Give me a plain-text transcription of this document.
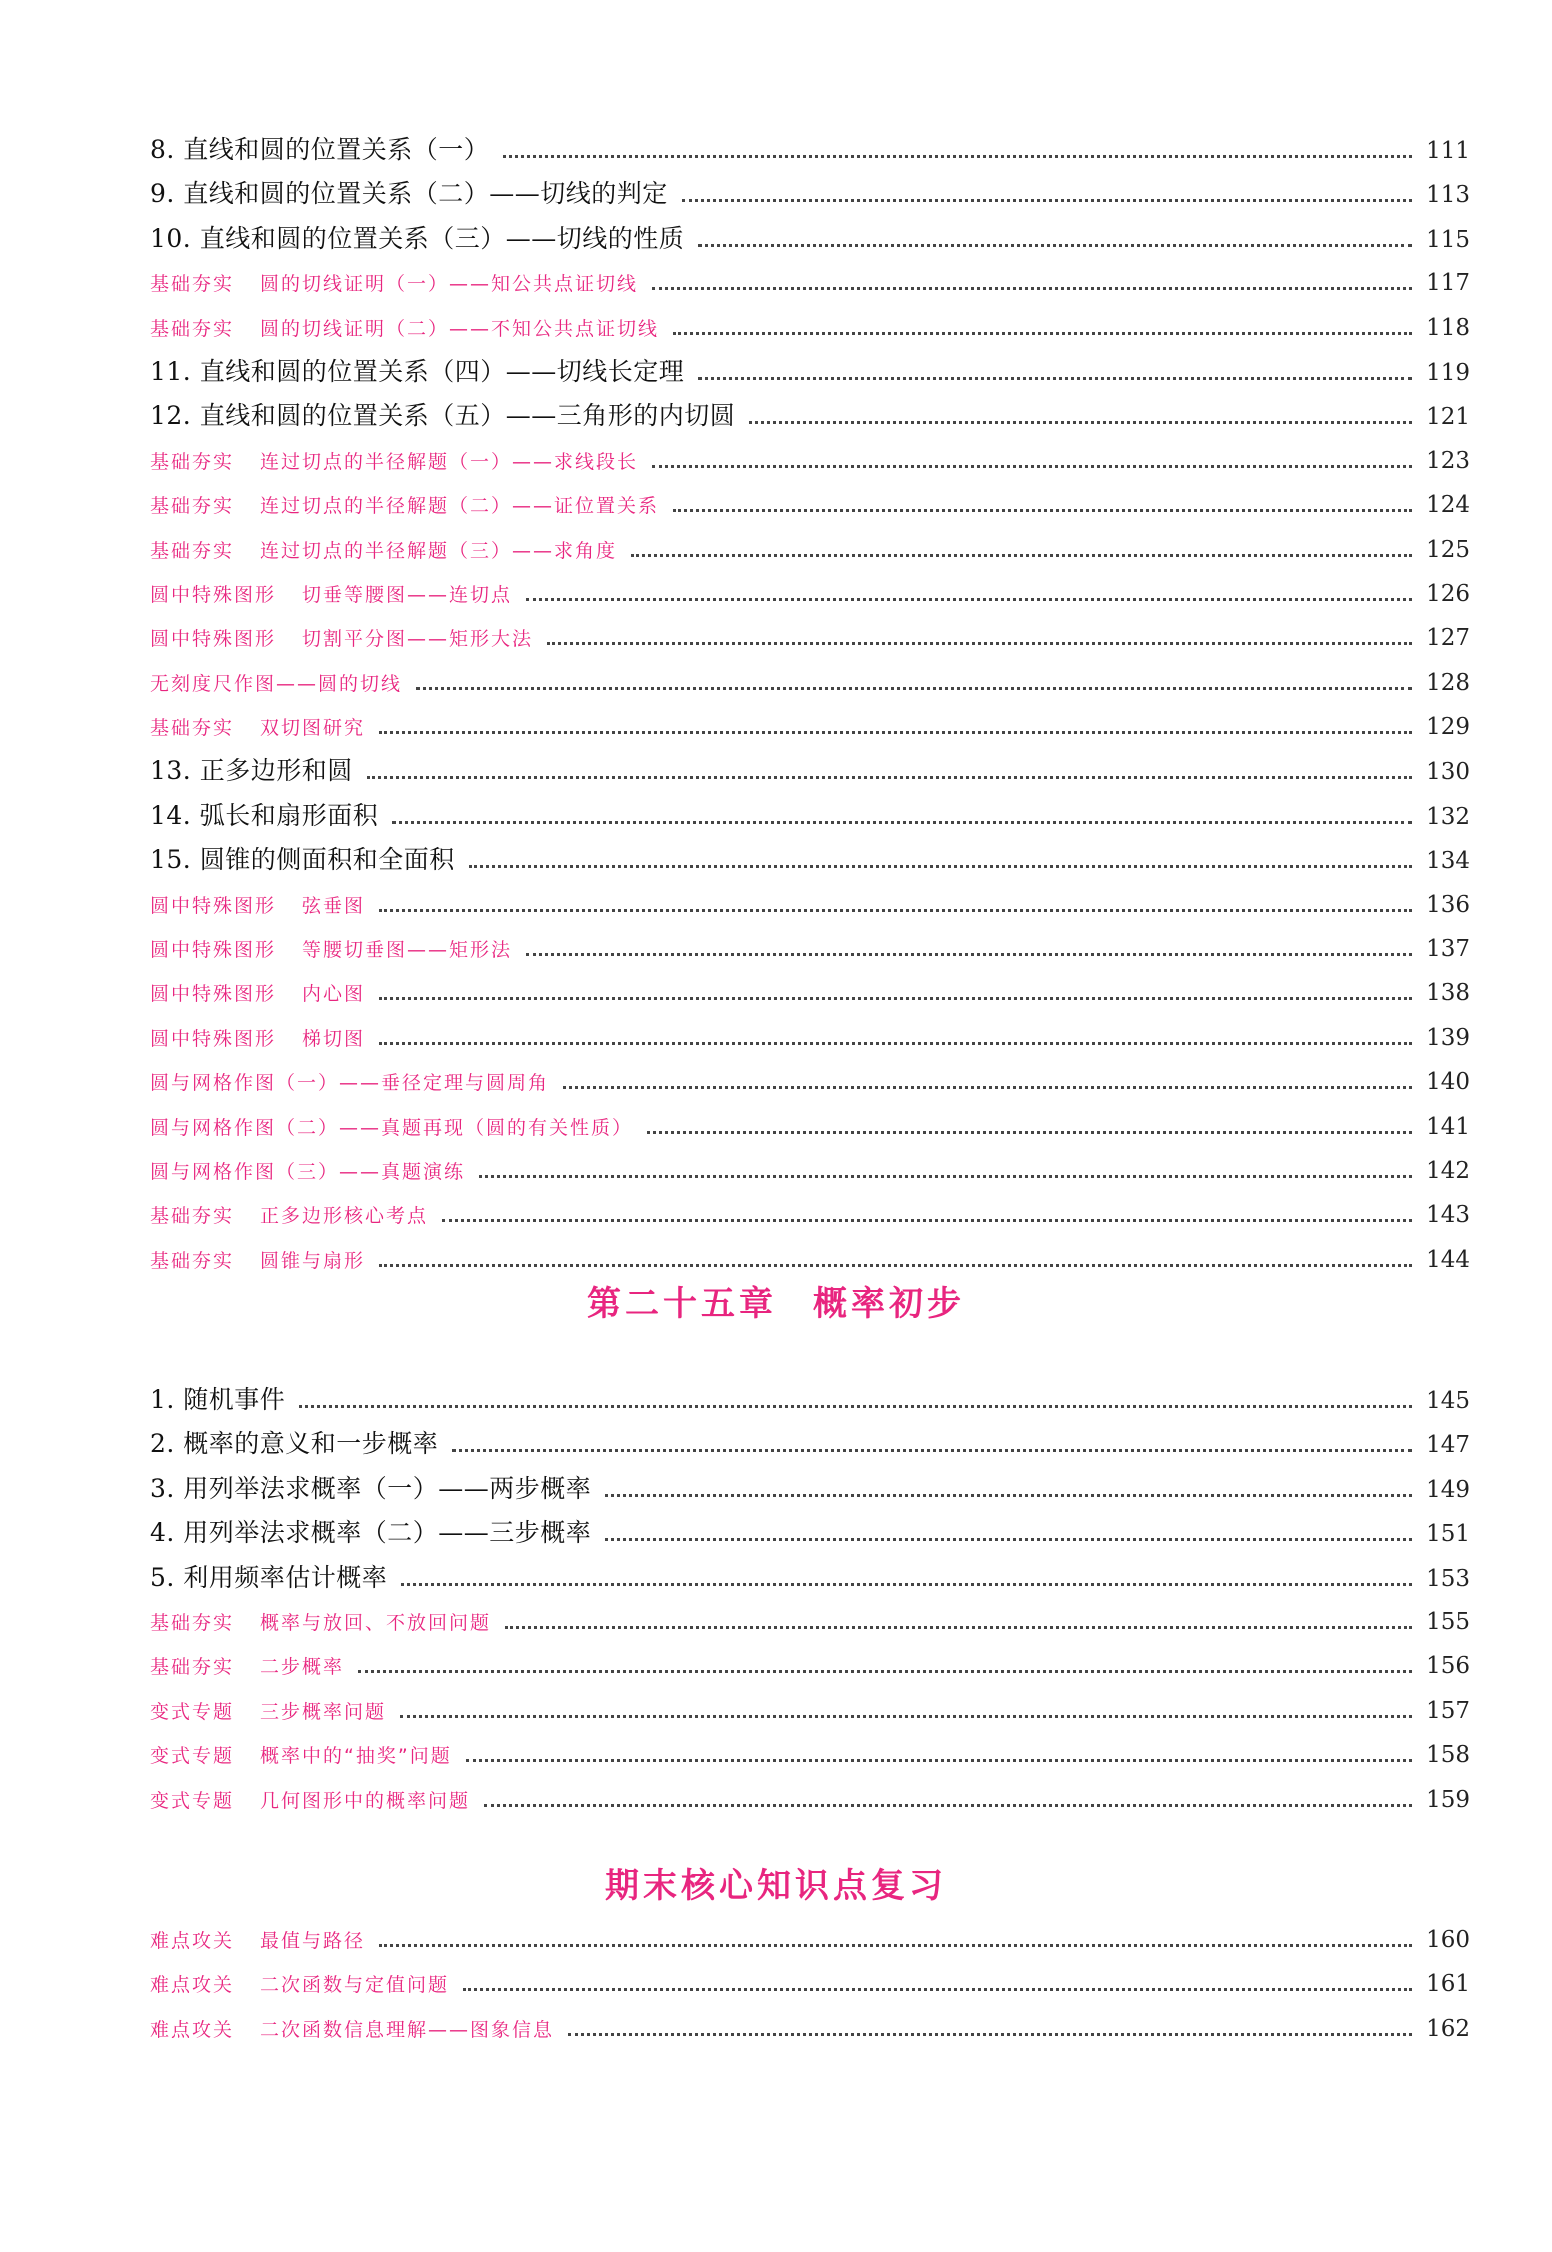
8. 直线和圆的位置关系（一）	111
9. 直线和圆的位置关系（二）——切线的判定	113
10. 直线和圆的位置关系（三）——切线的性质	115
基础夯实 圆的切线证明（一）——知公共点证切线	117
基础夯实 圆的切线证明（二）——不知公共点证切线	118
11. 直线和圆的位置关系（四）——切线长定理	119
12. 直线和圆的位置关系（五）——三角形的内切圆	121
基础夯实 连过切点的半径解题（一）——求线段长	123
基础夯实 连过切点的半径解题（二）——证位置关系	124
基础夯实 连过切点的半径解题（三）——求角度	125
圆中特殊图形 切垂等腰图——连切点	126
圆中特殊图形 切割平分图——矩形大法	127
无刻度尺作图——圆的切线	128
基础夯实 双切图研究	129
13. 正多边形和圆	130
14. 弧长和扇形面积	132
15. 圆锥的侧面积和全面积	134
圆中特殊图形 弦垂图	136
圆中特殊图形 等腰切垂图——矩形法	137
圆中特殊图形 内心图	138
圆中特殊图形 梯切图	139
圆与网格作图（一）——垂径定理与圆周角	140
圆与网格作图（二）——真题再现（圆的有关性质）	141
圆与网格作图（三）——真题演练	142
基础夯实 正多边形核心考点	143
基础夯实 圆锥与扇形	144
第二十五章 概率初步
1. 随机事件	145
2. 概率的意义和一步概率	147
3. 用列举法求概率（一）——两步概率	149
4. 用列举法求概率（二）——三步概率	151
5. 利用频率估计概率	153
基础夯实 概率与放回、不放回问题	155
基础夯实 二步概率	156
变式专题 三步概率问题	157
变式专题 概率中的“抽奖”问题	158
变式专题 几何图形中的概率问题	159
期末核心知识点复习
难点攻关 最值与路径	160
难点攻关 二次函数与定值问题	161
难点攻关 二次函数信息理解——图象信息	162
